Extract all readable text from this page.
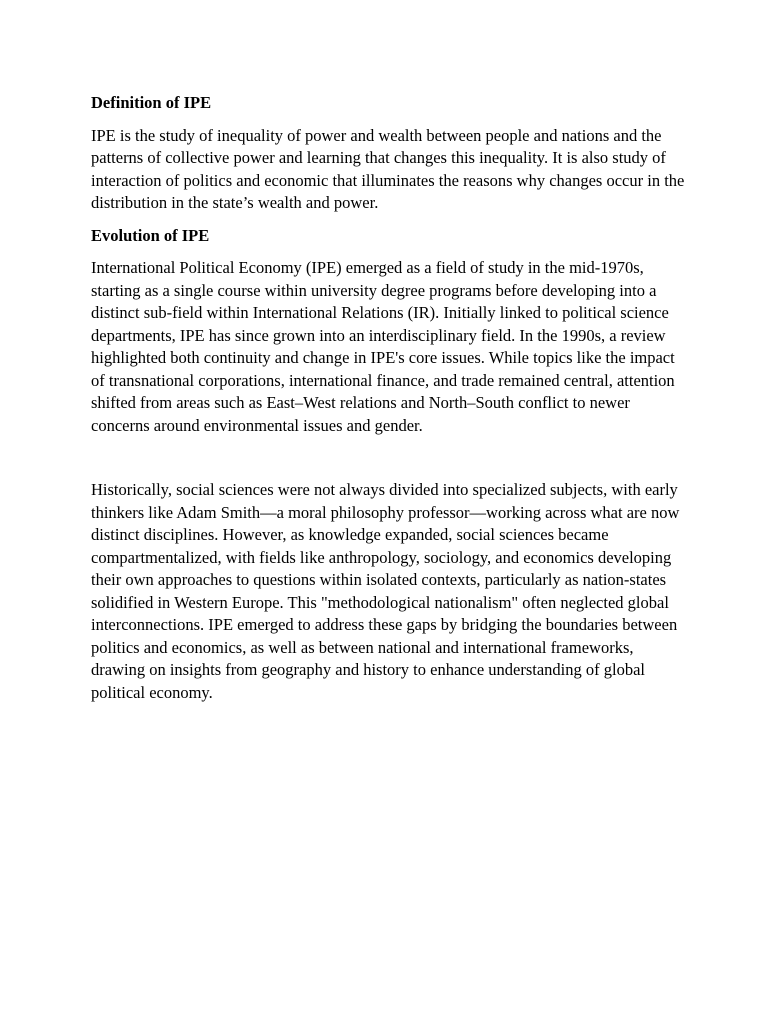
Definition of IPE

IPE is the study of inequality of power and wealth between people and nations and the patterns of collective power and learning that changes this inequality. It is also study of interaction of politics and economic that illuminates the reasons why changes occur in the distribution in the state’s wealth and power.

Evolution of IPE

International Political Economy (IPE) emerged as a field of study in the mid-1970s, starting as a single course within university degree programs before developing into a distinct sub-field within International Relations (IR). Initially linked to political science departments, IPE has since grown into an interdisciplinary field. In the 1990s, a review highlighted both continuity and change in IPE's core issues. While topics like the impact of transnational corporations, international finance, and trade remained central, attention shifted from areas such as East–West relations and North–South conflict to newer concerns around environmental issues and gender.

Historically, social sciences were not always divided into specialized subjects, with early thinkers like Adam Smith—a moral philosophy professor—working across what are now distinct disciplines. However, as knowledge expanded, social sciences became compartmentalized, with fields like anthropology, sociology, and economics developing their own approaches to questions within isolated contexts, particularly as nation-states solidified in Western Europe. This "methodological nationalism" often neglected global interconnections. IPE emerged to address these gaps by bridging the boundaries between politics and economics, as well as between national and international frameworks, drawing on insights from geography and history to enhance understanding of global political economy.
